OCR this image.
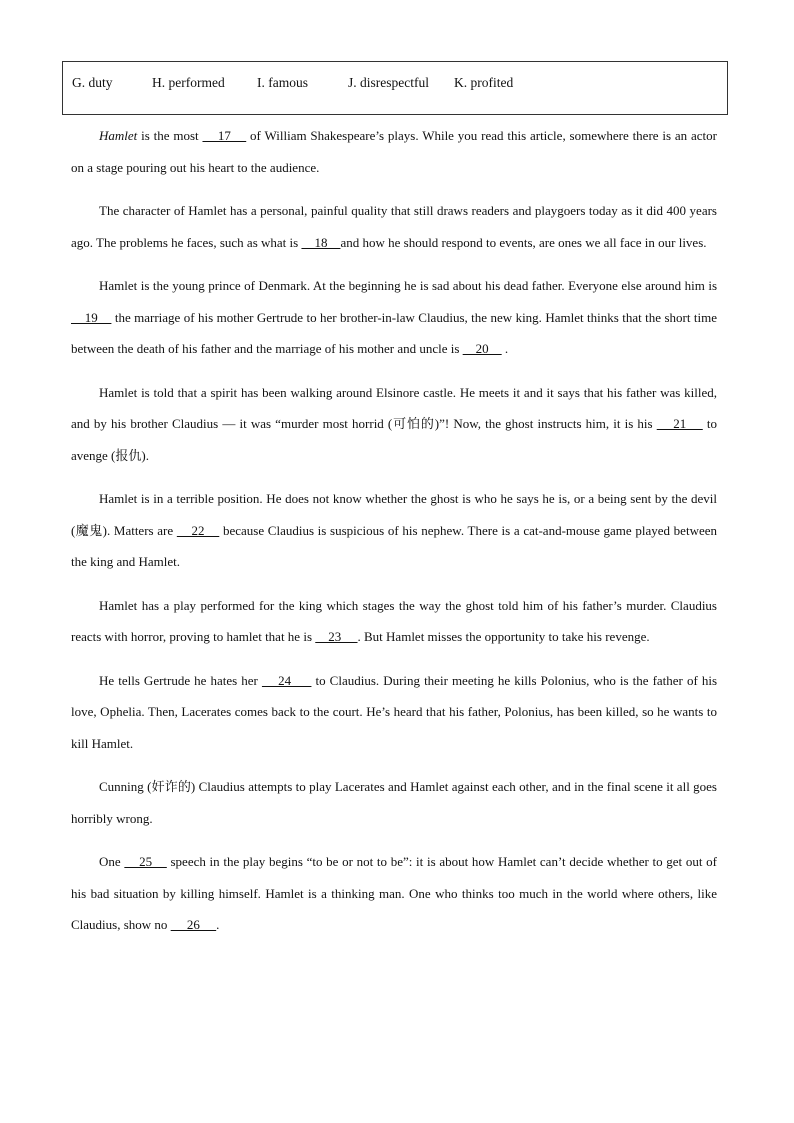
G. duty	H. performed I. famous	J. disrespectful K. profited

Hamlet is the most     17     of William Shakespeare’s plays. While you read this article, somewhere there is an actor on a stage pouring out his heart to the audience.

The character of Hamlet has a personal, painful quality that still draws readers and playgoers today as it did 400 years ago. The problems he faces, such as what is     18    and how he should respond to events, are ones we all face in our lives.

Hamlet is the young prince of Denmark. At the beginning he is sad about his dead father. Everyone else around him is     19     the marriage of his mother Gertrude to her brother-in-law Claudius, the new king. Hamlet thinks that the short time between the death of his father and the marriage of his mother and uncle is     20     .

Hamlet is told that a spirit has been walking around Elsinore castle. He meets it and it says that his father was killed, and by his brother Claudius — it was “murder most horrid (可怕的)”! Now, the ghost instructs him, it is his     21     to avenge (报仇).

Hamlet is in a terrible position. He does not know whether the ghost is who he says he is, or a being sent by the devil (魔鬼). Matters are     22     because Claudius is suspicious of his nephew. There is a cat-and-mouse game played between the king and Hamlet.

Hamlet has a play performed for the king which stages the way the ghost told him of his father’s murder. Claudius reacts with horror, proving to hamlet that he is     23     . But Hamlet misses the opportunity to take his revenge.

He tells Gertrude he hates her     24      to Claudius. During their meeting he kills Polonius, who is the father of his love, Ophelia. Then, Lacerates comes back to the court. He’s heard that his father, Polonius, has been killed, so he wants to kill Hamlet.

Cunning (奸诈的) Claudius attempts to play Lacerates and Hamlet against each other, and in the final scene it all goes horribly wrong.

One     25     speech in the play begins “to be or not to be”: it is about how Hamlet can’t decide whether to get out of his bad situation by killing himself. Hamlet is a thinking man. One who thinks too much in the world where others, like Claudius, show no      26     .
